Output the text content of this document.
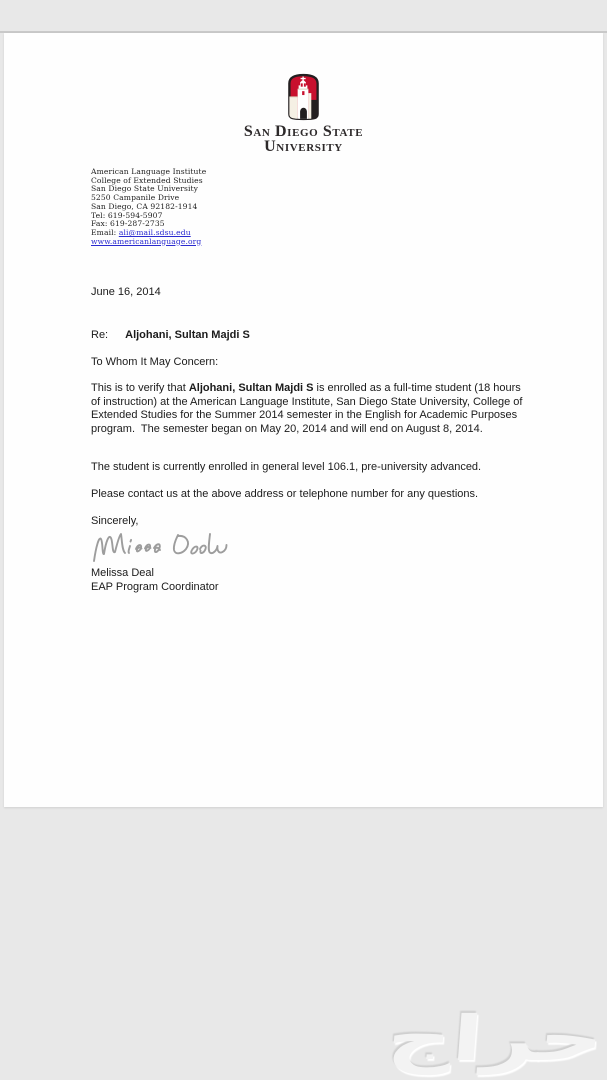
San Diego State
University
American Language Institute
College of Extended Studies
San Diego State University
5250 Campanile Drive
San Diego, CA 92182-1914
Tel: 619-594-5907
Fax: 619-287-2735
Email: ali@mail.sdsu.edu
www.americanlanguage.org
June 16, 2014
Re: Aljohani, Sultan Majdi S
To Whom It May Concern:
This is to verify that Aljohani, Sultan Majdi S is enrolled as a full-time student (18 hours of instruction) at the American Language Institute, San Diego State University, College of Extended Studies for the Summer 2014 semester in the English for Academic Purposes program.  The semester began on May 20, 2014 and will end on August 8, 2014.
The student is currently enrolled in general level 106.1, pre-university advanced.
Please contact us at the above address or telephone number for any questions.
Sincerely,
Melissa Deal
EAP Program Coordinator
حراج
